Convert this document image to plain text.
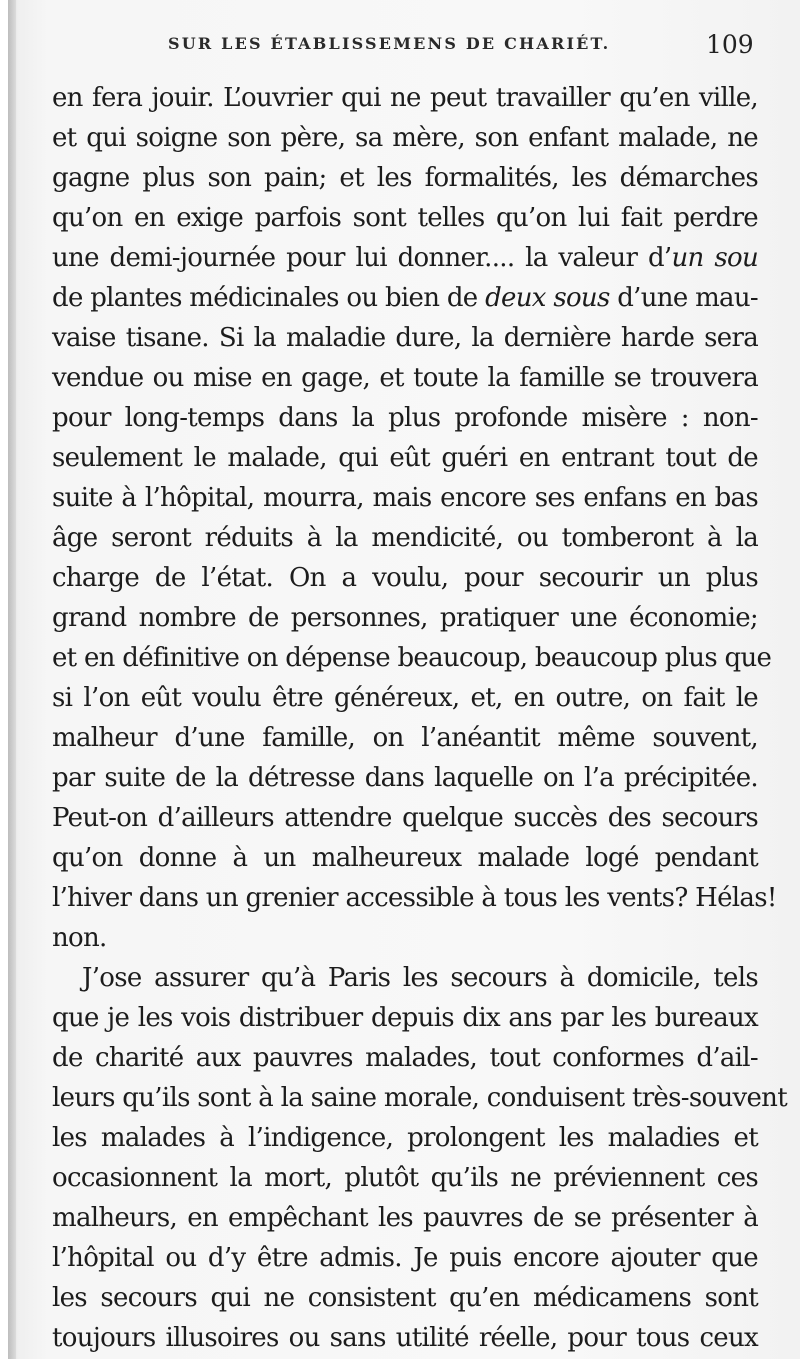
SUR LES ÉTABLISSEMENS DE CHARIÉT.	109

en fera jouir. L’ouvrier qui ne peut travailler qu’en ville,

et qui soigne son père, sa mère, son enfant malade, ne

gagne plus son pain; et les formalités, les démarches

qu’on en exige parfois sont telles qu’on lui fait perdre

une demi-journée pour lui donner.... la valeur d’un sou

de plantes médicinales ou bien de deux sous d’une mau-

vaise tisane. Si la maladie dure, la dernière harde sera

vendue ou mise en gage, et toute la famille se trouvera

pour long-temps dans la plus profonde misère : non-

seulement le malade, qui eût guéri en entrant tout de

suite à l’hôpital, mourra, mais encore ses enfans en bas

âge seront réduits à la mendicité, ou tomberont à la

charge de l’état. On a voulu, pour secourir un plus

grand nombre de personnes, pratiquer une économie;

et en définitive on dépense beaucoup, beaucoup plus que

si l’on eût voulu être généreux, et, en outre, on fait le

malheur d’une famille, on l’anéantit même souvent,

par suite de la détresse dans laquelle on l’a précipitée.

Peut-on d’ailleurs attendre quelque succès des secours

qu’on donne à un malheureux malade logé pendant

l’hiver dans un grenier accessible à tous les vents? Hélas!

non.

J’ose assurer qu’à Paris les secours à domicile, tels

que je les vois distribuer depuis dix ans par les bureaux

de charité aux pauvres malades, tout conformes d’ail-

leurs qu’ils sont à la saine morale, conduisent très-souvent

les malades à l’indigence, prolongent les maladies et

occasionnent la mort, plutôt qu’ils ne préviennent ces

malheurs, en empêchant les pauvres de se présenter à

l’hôpital ou d’y être admis. Je puis encore ajouter que

les secours qui ne consistent qu’en médicamens sont

toujours illusoires ou sans utilité réelle, pour tous ceux
